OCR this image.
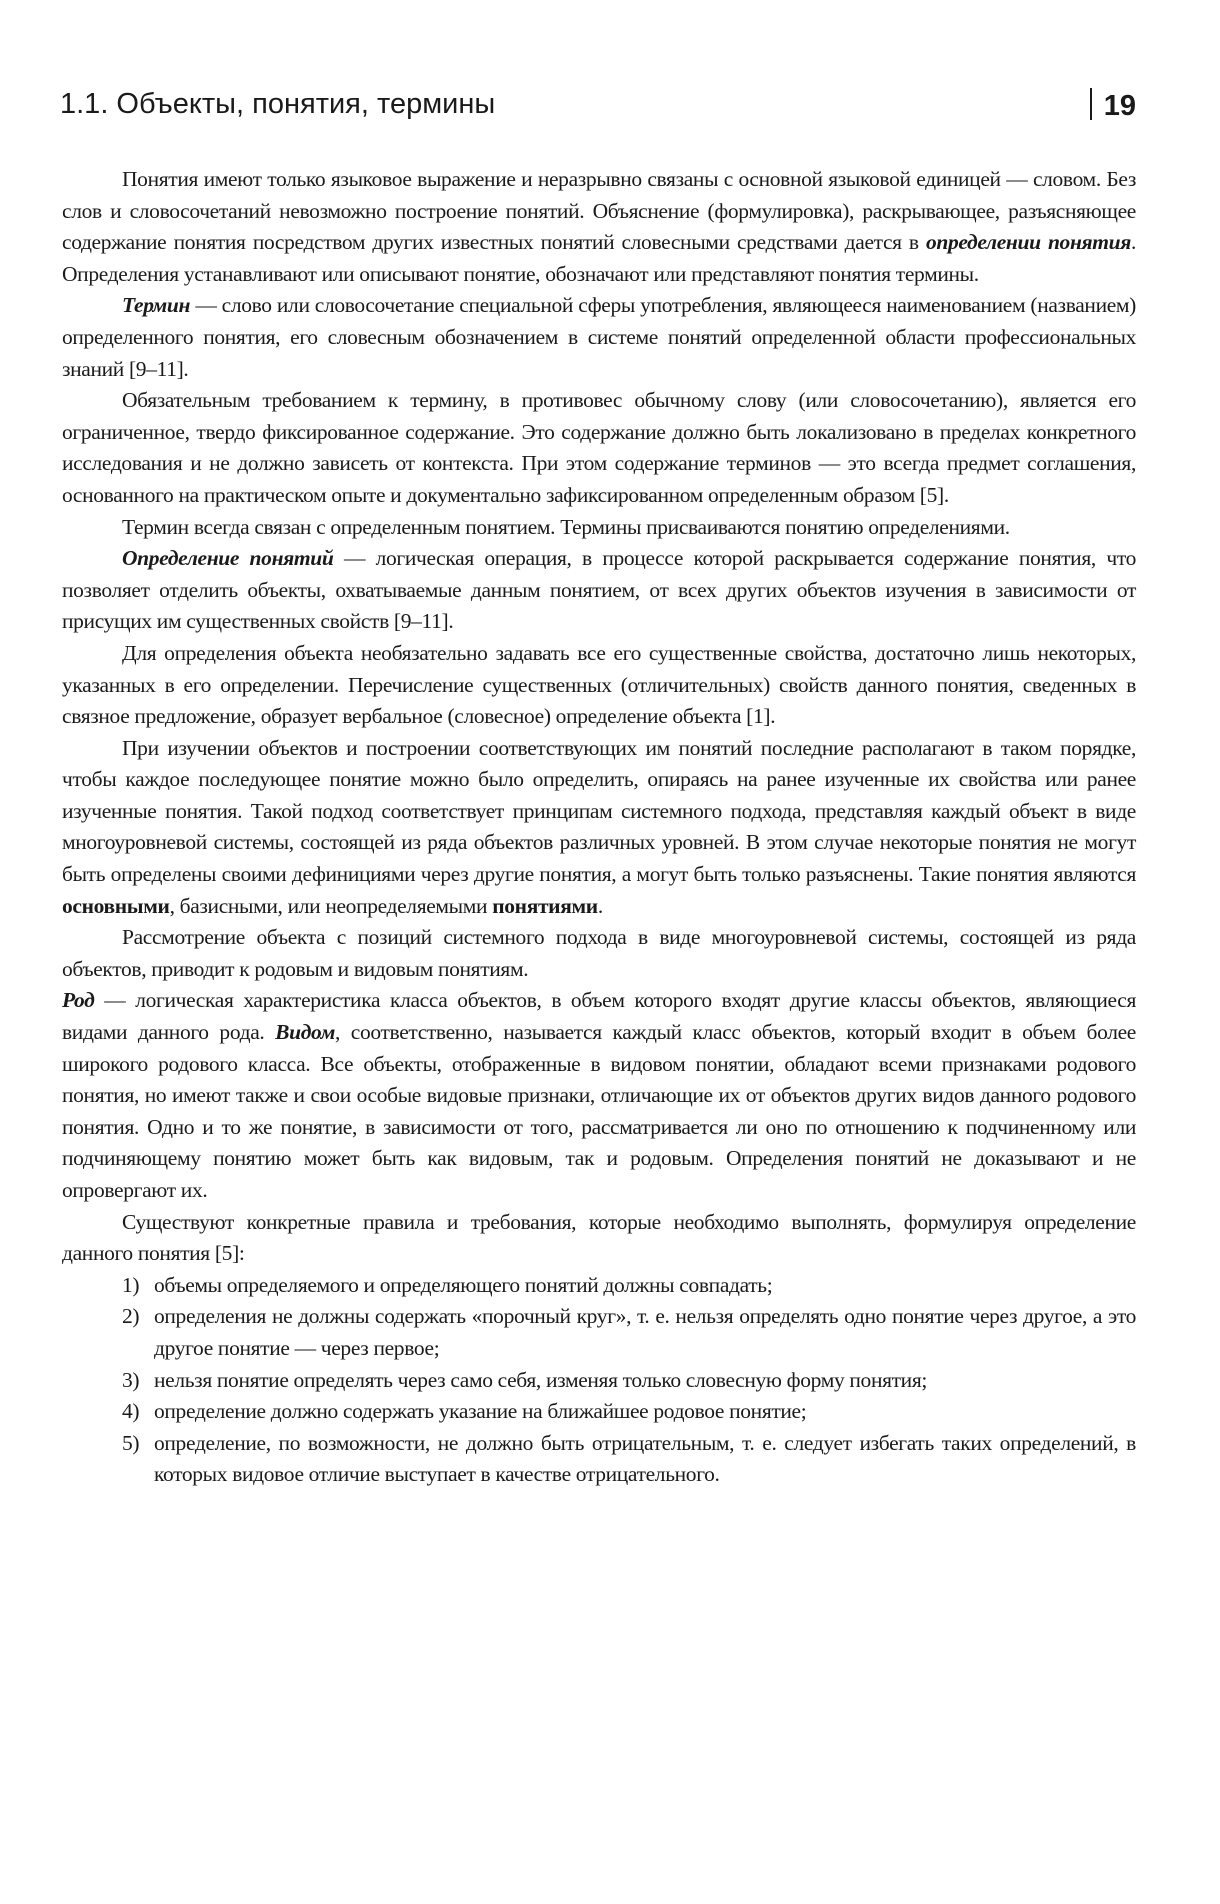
1.1. Объекты, понятия, термины	19

Понятия имеют только языковое выражение и неразрывно связаны с основной языковой единицей — словом. Без слов и словосочетаний невозможно построение понятий. Объяснение (формулировка), раскрывающее, разъясняющее содержание понятия посредством других известных понятий словесными средствами дается в определении понятия. Определения устанавливают или описывают понятие, обозначают или представляют понятия термины.

Термин — слово или словосочетание специальной сферы употребления, являющееся наименованием (названием) определенного понятия, его словесным обозначением в системе понятий определенной области профессиональных знаний [9–11].

Обязательным требованием к термину, в противовес обычному слову (или словосочетанию), является его ограниченное, твердо фиксированное содержание. Это содержание должно быть локализовано в пределах конкретного исследования и не должно зависеть от контекста. При этом содержание терминов — это всегда предмет соглашения, основанного на практическом опыте и документально зафиксированном определенным образом [5].

Термин всегда связан с определенным понятием. Термины присваиваются понятию определениями.

Определение понятий — логическая операция, в процессе которой раскрывается содержание понятия, что позволяет отделить объекты, охватываемые данным понятием, от всех других объектов изучения в зависимости от присущих им существенных свойств [9–11].

Для определения объекта необязательно задавать все его существенные свойства, достаточно лишь некоторых, указанных в его определении. Перечисление существенных (отличительных) свойств данного понятия, сведенных в связное предложение, образует вербальное (словесное) определение объекта [1].

При изучении объектов и построении соответствующих им понятий последние располагают в таком порядке, чтобы каждое последующее понятие можно было определить, опираясь на ранее изученные их свойства или ранее изученные понятия. Такой подход соответствует принципам системного подхода, представляя каждый объект в виде многоуровневой системы, состоящей из ряда объектов различных уровней. В этом случае некоторые понятия не могут быть определены своими дефинициями через другие понятия, а могут быть только разъяснены. Такие понятия являются основными, базисными, или неопределяемыми понятиями.

Рассмотрение объекта с позиций системного подхода в виде многоуровневой системы, состоящей из ряда объектов, приводит к родовым и видовым понятиям.

Род — логическая характеристика класса объектов, в объем которого входят другие классы объектов, являющиеся видами данного рода. Видом, соответственно, называется каждый класс объектов, который входит в объем более широкого родового класса. Все объекты, отображенные в видовом понятии, обладают всеми признаками родового понятия, но имеют также и свои особые видовые признаки, отличающие их от объектов других видов данного родового понятия. Одно и то же понятие, в зависимости от того, рассматривается ли оно по отношению к подчиненному или подчиняющему понятию может быть как видовым, так и родовым. Определения понятий не доказывают и не опровергают их.

Существуют конкретные правила и требования, которые необходимо выполнять, формулируя определение данного понятия [5]:

1) объемы определяемого и определяющего понятий должны совпадать;
2) определения не должны содержать «порочный круг», т. е. нельзя определять одно понятие через другое, а это другое понятие — через первое;
3) нельзя понятие определять через само себя, изменяя только словесную форму понятия;
4) определение должно содержать указание на ближайшее родовое понятие;
5) определение, по возможности, не должно быть отрицательным, т. е. следует избегать таких определений, в которых видовое отличие выступает в качестве отрицательного.
